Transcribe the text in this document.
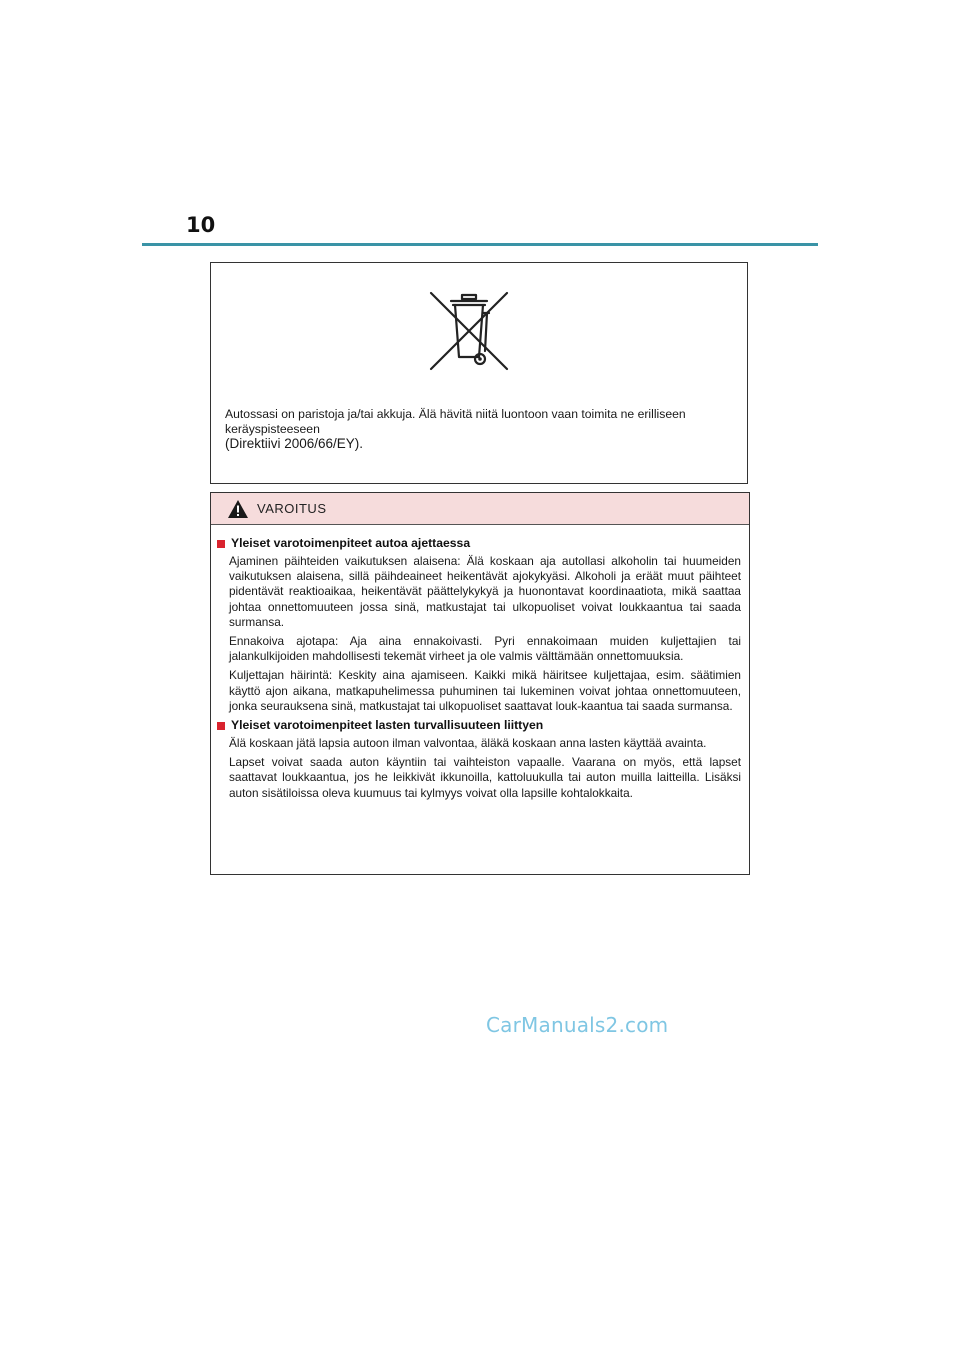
10

Autossasi on paristoja ja/tai akkuja. Älä hävitä niitä luontoon vaan toimita ne erilliseen

keräyspisteeseen

(Direktiivi 2006/66/EY).

VAROITUS
Yleiset varotoimenpiteet autoa ajettaessa

Ajaminen päihteiden vaikutuksen alaisena: Älä koskaan aja autollasi alkoholin tai huumeiden vaikutuksen alaisena, sillä päihdeaineet heikentävät ajokykyäsi. Alkoholi ja eräät muut päihteet pidentävät reaktioaikaa, heikentävät päättelykykyä ja huonontavat koordinaatiota, mikä saattaa johtaa onnettomuuteen jossa sinä, matkustajat tai ulkopuoliset voivat loukkaantua tai saada surmansa.

Ennakoiva ajotapa: Aja aina ennakoivasti. Pyri ennakoimaan muiden kuljettajien tai jalankulkijoiden mahdollisesti tekemät virheet ja ole valmis välttämään onnettomuuksia.

Kuljettajan häirintä: Keskity aina ajamiseen. Kaikki mikä häiritsee kuljettajaa, esim. säätimien käyttö ajon aikana, matkapuhelimessa puhuminen tai lukeminen voivat johtaa onnettomuuteen, jonka seurauksena sinä, matkustajat tai ulkopuoliset saattavat louk-kaantua tai saada surmansa.

Yleiset varotoimenpiteet lasten turvallisuuteen liittyen

Älä koskaan jätä lapsia autoon ilman valvontaa, äläkä koskaan anna lasten käyttää avainta.

Lapset voivat saada auton käyntiin tai vaihteiston vapaalle. Vaarana on myös, että lapset saattavat loukkaantua, jos he leikkivät ikkunoilla, kattoluukulla tai auton muilla laitteilla. Lisäksi auton sisätiloissa oleva kuumuus tai kylmyys voivat olla lapsille kohtalokkaita.

CarManuals2.com
